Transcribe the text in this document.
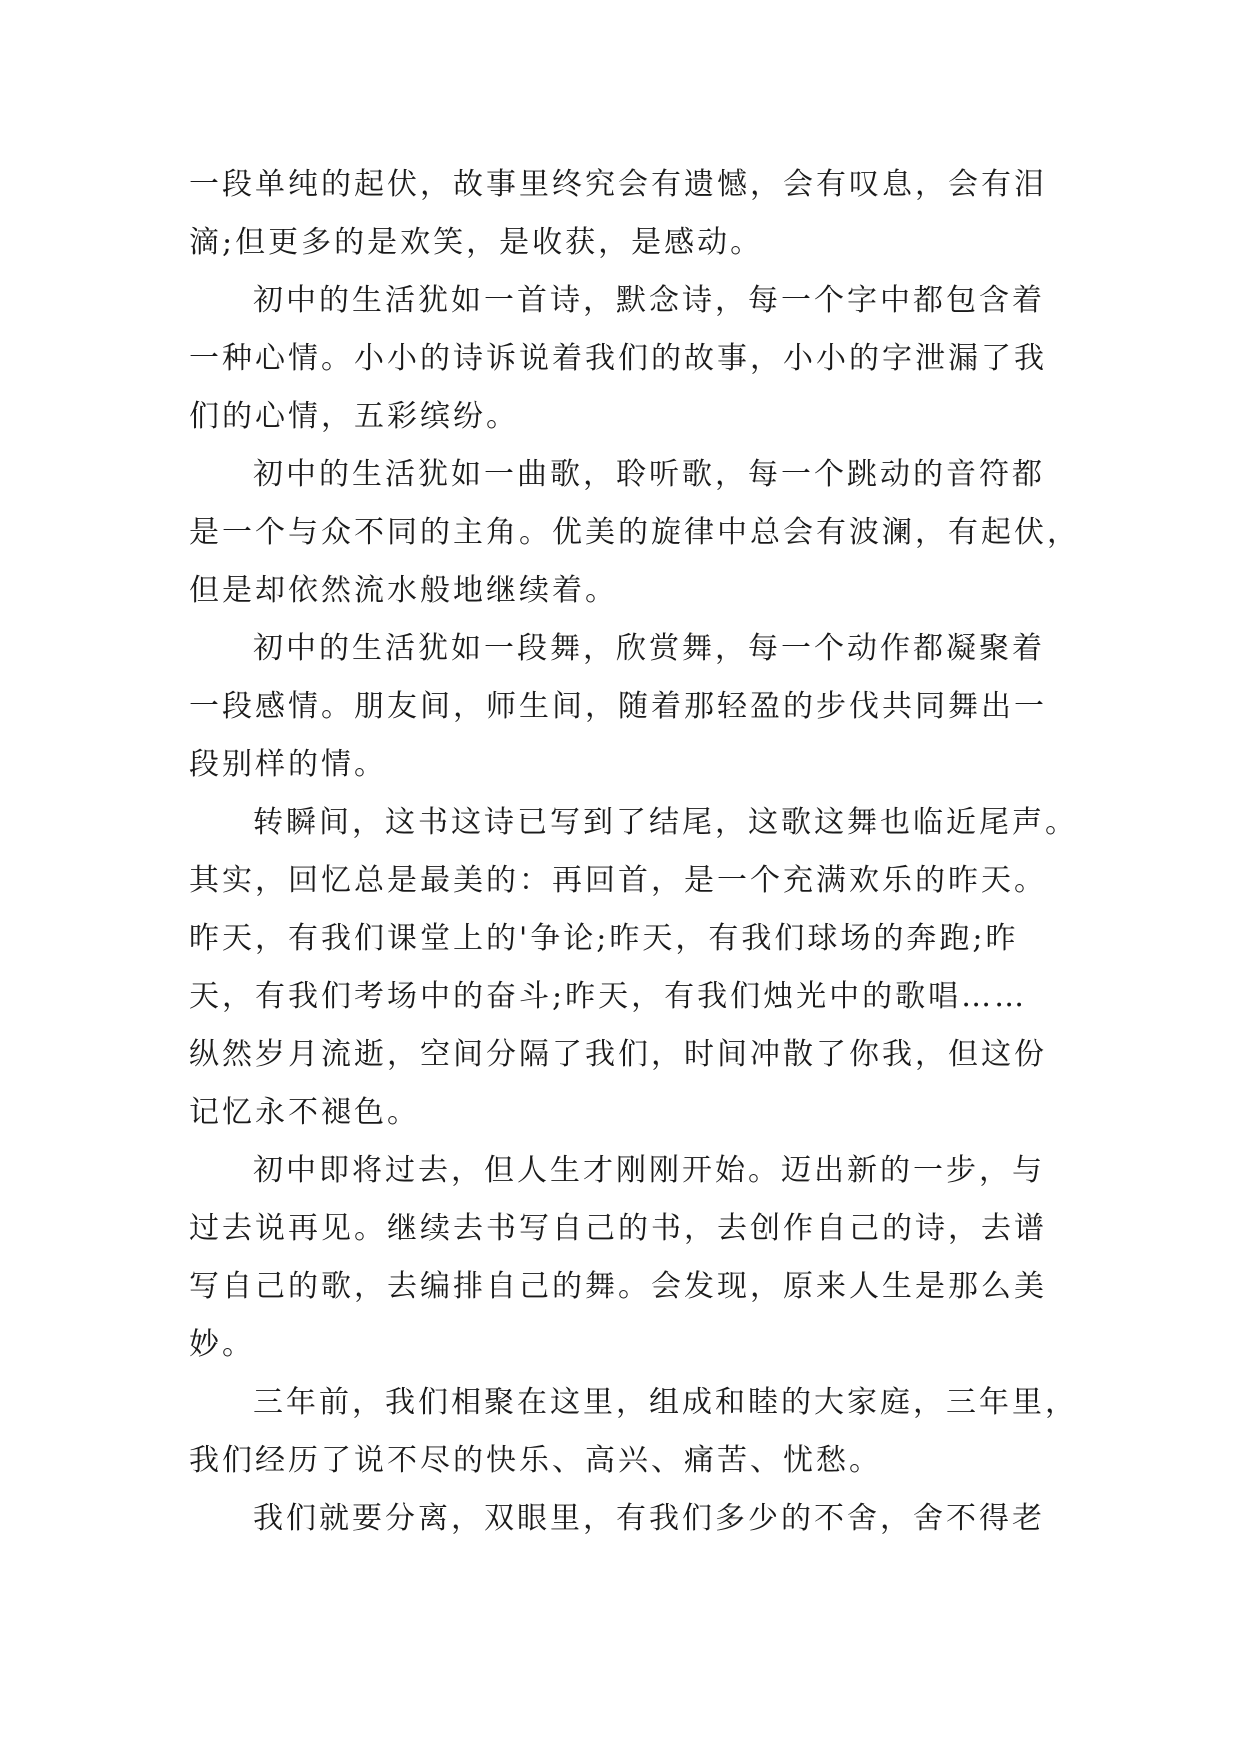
一段单纯的起伏，故事里终究会有遗憾，会有叹息，会有泪
滴;但更多的是欢笑，是收获，是感动。
初中的生活犹如一首诗，默念诗，每一个字中都包含着
一种心情。小小的诗诉说着我们的故事，小小的字泄漏了我
们的心情，五彩缤纷。
初中的生活犹如一曲歌，聆听歌，每一个跳动的音符都
是一个与众不同的主角。优美的旋律中总会有波澜，有起伏，
但是却依然流水般地继续着。
初中的生活犹如一段舞，欣赏舞，每一个动作都凝聚着
一段感情。朋友间，师生间，随着那轻盈的步伐共同舞出一
段别样的情。
转瞬间，这书这诗已写到了结尾，这歌这舞也临近尾声。
其实，回忆总是最美的：再回首，是一个充满欢乐的昨天。
昨天，有我们课堂上的'争论;昨天，有我们球场的奔跑;昨
天，有我们考场中的奋斗;昨天，有我们烛光中的歌唱……
纵然岁月流逝，空间分隔了我们，时间冲散了你我，但这份
记忆永不褪色。
初中即将过去，但人生才刚刚开始。迈出新的一步，与
过去说再见。继续去书写自己的书，去创作自己的诗，去谱
写自己的歌，去编排自己的舞。会发现，原来人生是那么美
妙。
三年前，我们相聚在这里，组成和睦的大家庭，三年里，
我们经历了说不尽的快乐、高兴、痛苦、忧愁。
我们就要分离，双眼里，有我们多少的不舍，舍不得老
